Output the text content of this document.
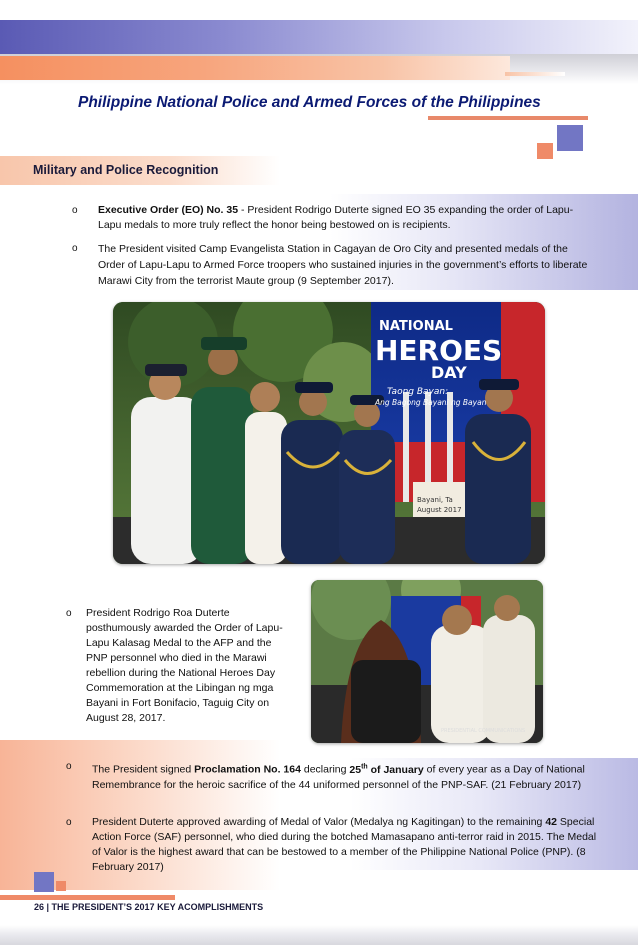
Philippine National Police and Armed Forces of the Philippines
Military and Police Recognition
o Executive Order (EO) No. 35 - President Rodrigo Duterte signed EO 35 expanding the order of Lapu-Lapu medals to more truly reflect the honor being bestowed on is recipients.
o The President visited Camp Evangelista Station in Cagayan de Oro City and presented medals of the Order of Lapu-Lapu to Armed Force troopers who sustained injuries in the government’s efforts to liberate Marawi City from the terrorist Maute group (9 September 2017).
NATIONAL
HEROES
DAY
Taong Bayan:
Ang Bagong Bayani ng Bayan
Bayani, Ta
August 2017
o President Rodrigo Roa Duterte posthumously awarded the Order of Lapu-Lapu Kalasag Medal to the AFP and the PNP personnel who died in the Marawi rebellion during the National Heroes Day Commemoration at the Libingan ng mga Bayani in Fort Bonifacio, Taguig City on August 28, 2017.
PRESIDENTIAL COMMUNICATIONS
o The President signed Proclamation No. 164 declaring 25th of January of every year as a Day of National Remembrance for the heroic sacrifice of the 44 uniformed personnel of the PNP-SAF. (21 February 2017)
o President Duterte approved awarding of Medal of Valor (Medalya ng Kagitingan) to the remaining 42 Special Action Force (SAF) personnel, who died during the botched Mamasapano anti-terror raid in 2015. The Medal of Valor is the highest award that can be bestowed to a member of the Philippine National Police (PNP). (8 February 2017)
26 | THE PRESIDENT’S 2017 KEY ACOMPLISHMENTS
